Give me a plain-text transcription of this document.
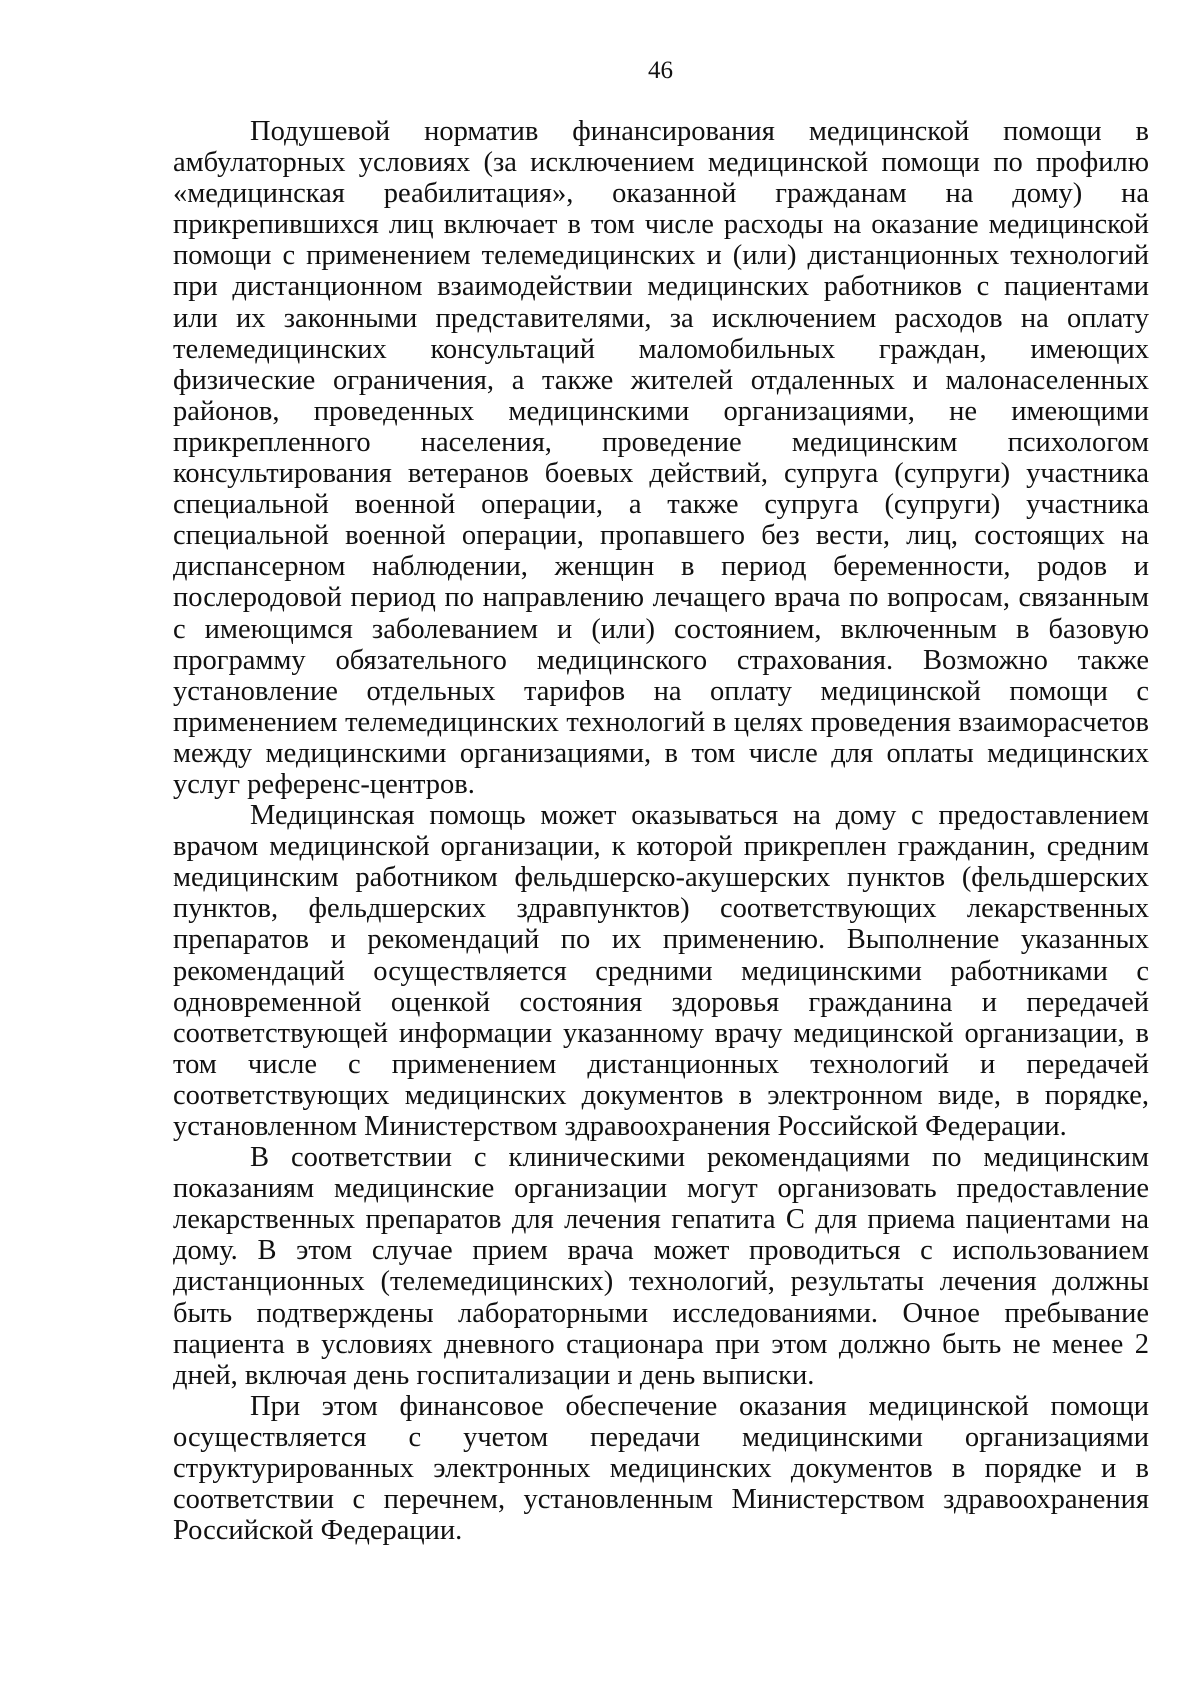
46

Подушевой норматив финансирования медицинской помощи в амбулаторных условиях (за исключением медицинской помощи по профилю «медицинская реабилитация», оказанной гражданам на дому) на прикрепившихся лиц включает в том числе расходы на оказание медицинской помощи с применением телемедицинских и (или) дистанционных технологий при дистанционном взаимодействии медицинских работников с пациентами или их законными представителями, за исключением расходов на оплату телемедицинских консультаций маломобильных граждан, имеющих физические ограничения, а также жителей отдаленных и малонаселенных районов, проведенных медицинскими организациями, не имеющими прикрепленного населения, проведение медицинским психологом консультирования ветеранов боевых действий, супруга (супруги) участника специальной военной операции, а также супруга (супруги) участника специальной военной операции, пропавшего без вести, лиц, состоящих на диспансерном наблюдении, женщин в период беременности, родов и послеродовой период по направлению лечащего врача по вопросам, связанным с имеющимся заболеванием и (или) состоянием, включенным в базовую программу обязательного медицинского страхования. Возможно также установление отдельных тарифов на оплату медицинской помощи с применением телемедицинских технологий в целях проведения взаиморасчетов между медицинскими организациями, в том числе для оплаты медицинских услуг референс-центров.

Медицинская помощь может оказываться на дому с предоставлением врачом медицинской организации, к которой прикреплен гражданин, средним медицинским работником фельдшерско-акушерских пунктов (фельдшерских пунктов, фельдшерских здравпунктов) соответствующих лекарственных препаратов и рекомендаций по их применению. Выполнение указанных рекомендаций осуществляется средними медицинскими работниками с одновременной оценкой состояния здоровья гражданина и передачей соответствующей информации указанному врачу медицинской организации, в том числе с применением дистанционных технологий и передачей соответствующих медицинских документов в электронном виде, в порядке, установленном Министерством здравоохранения Российской Федерации.

В соответствии с клиническими рекомендациями по медицинским показаниям медицинские организации могут организовать предоставление лекарственных препаратов для лечения гепатита С для приема пациентами на дому. В этом случае прием врача может проводиться с использованием дистанционных (телемедицинских) технологий, результаты лечения должны быть подтверждены лабораторными исследованиями. Очное пребывание пациента в условиях дневного стационара при этом должно быть не менее 2 дней, включая день госпитализации и день выписки.

При этом финансовое обеспечение оказания медицинской помощи осуществляется с учетом передачи медицинскими организациями структурированных электронных медицинских документов в порядке и в соответствии с перечнем, установленным Министерством здравоохранения Российской Федерации.
